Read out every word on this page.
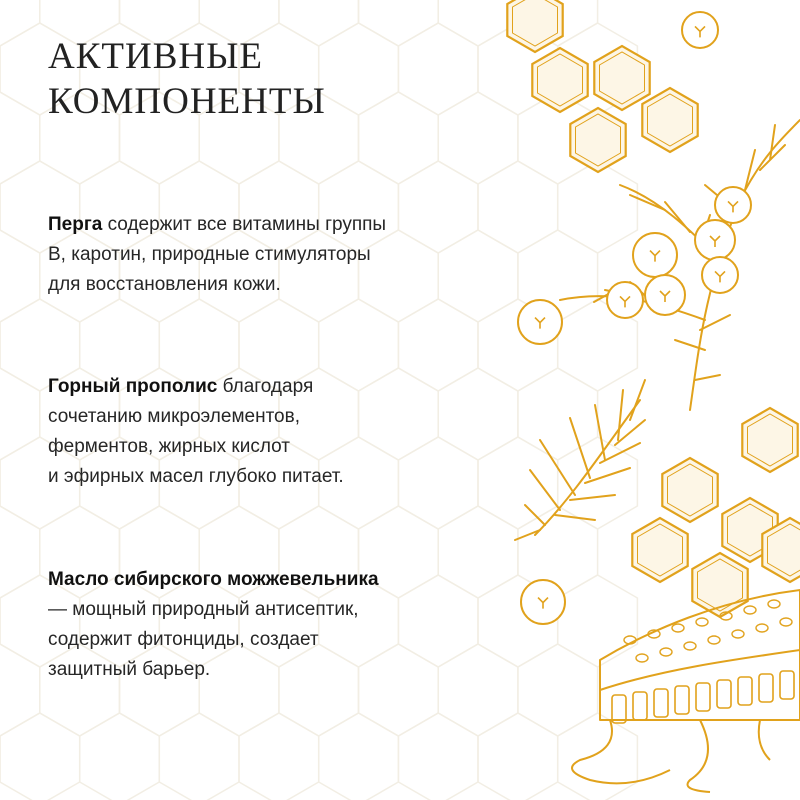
АКТИВНЫЕ
КОМПОНЕНТЫ

Перга содержит все витамины группы
В, каротин, природные стимуляторы
для восстановления кожи.

Горный прополис благодаря
сочетанию микроэлементов,
ферментов, жирных кислот
и эфирных масел глубоко питает.

Масло сибирского можжевельника
— мощный природный антисептик,
содержит фитонциды, создает
защитный барьер.
